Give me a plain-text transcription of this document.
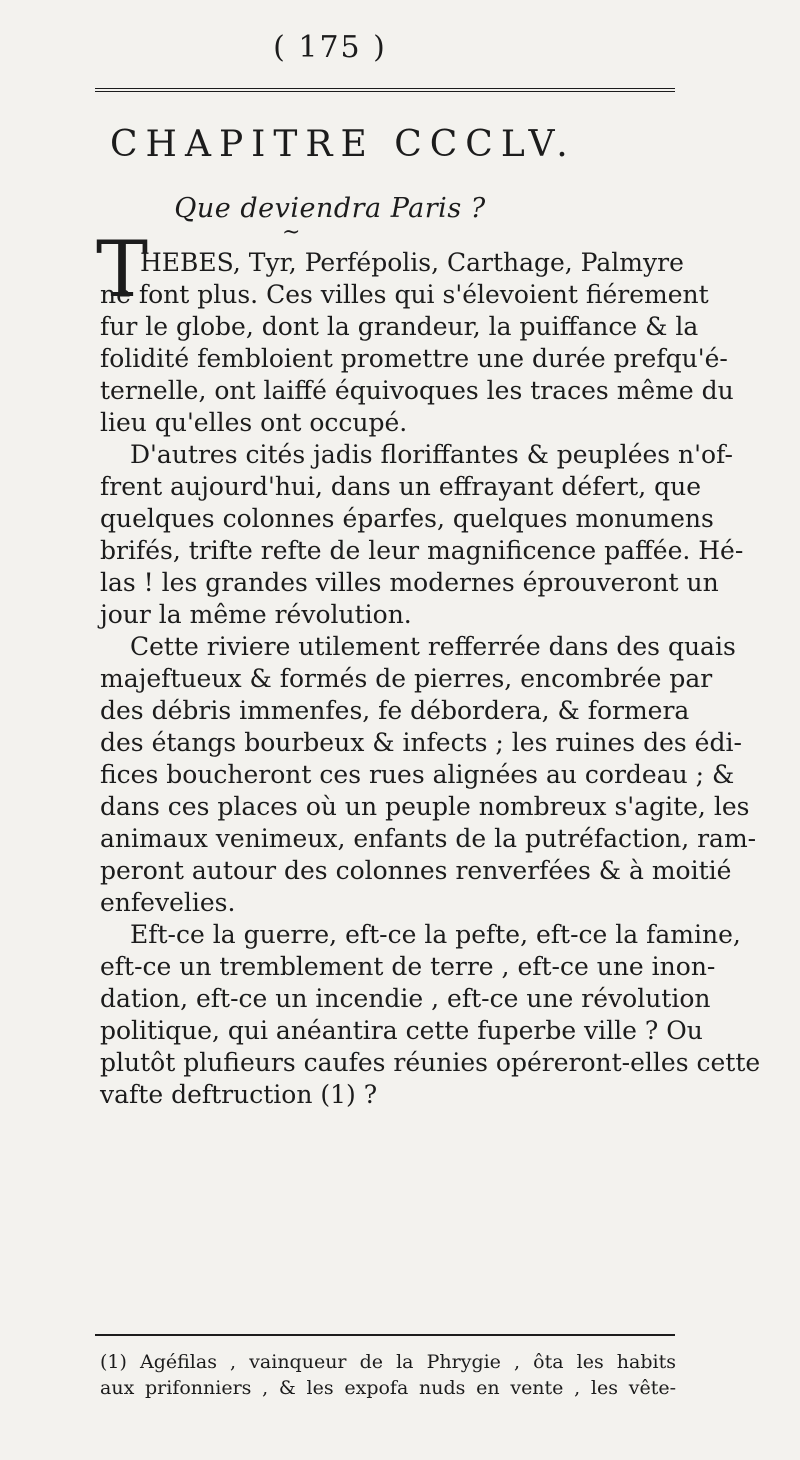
( 175 )
CHAPITRE CCCLV.
Que deviendra Paris ?
~
T
HEBES, Tyr, Perfépolis, Carthage, Palmyre
ne font plus. Ces villes qui s'élevoient fiérement
fur le globe, dont la grandeur, la puiffance & la
folidité fembloient promettre une durée prefqu'é-
ternelle, ont laiffé équivoques les traces même du
lieu qu'elles ont occupé.
D'autres cités jadis floriffantes & peuplées n'of-
frent aujourd'hui, dans un effrayant défert, que
quelques colonnes éparfes, quelques monumens
brifés, trifte refte de leur magnificence paffée. Hé-
las ! les grandes villes modernes éprouveront un
jour la même révolution.
Cette riviere utilement refferrée dans des quais
majeftueux & formés de pierres, encombrée par
des débris immenfes, fe débordera, & formera
des étangs bourbeux & infects ; les ruines des édi-
fices boucheront ces rues alignées au cordeau ; &
dans ces places où un peuple nombreux s'agite, les
animaux venimeux, enfants de la putréfaction, ram-
peront autour des colonnes renverfées & à moitié
enfevelies.
Eft-ce la guerre, eft-ce la pefte, eft-ce la famine,
eft-ce un tremblement de terre , eft-ce une inon-
dation, eft-ce un incendie , eft-ce une révolution
politique, qui anéantira cette fuperbe ville ? Ou
plutôt plufieurs caufes réunies opéreront-elles cette
vafte deftruction (1) ?
(1) Agéfilas , vainqueur de la Phrygie , ôta les habits
aux prifonniers , & les expofa nuds en vente , les vête-
